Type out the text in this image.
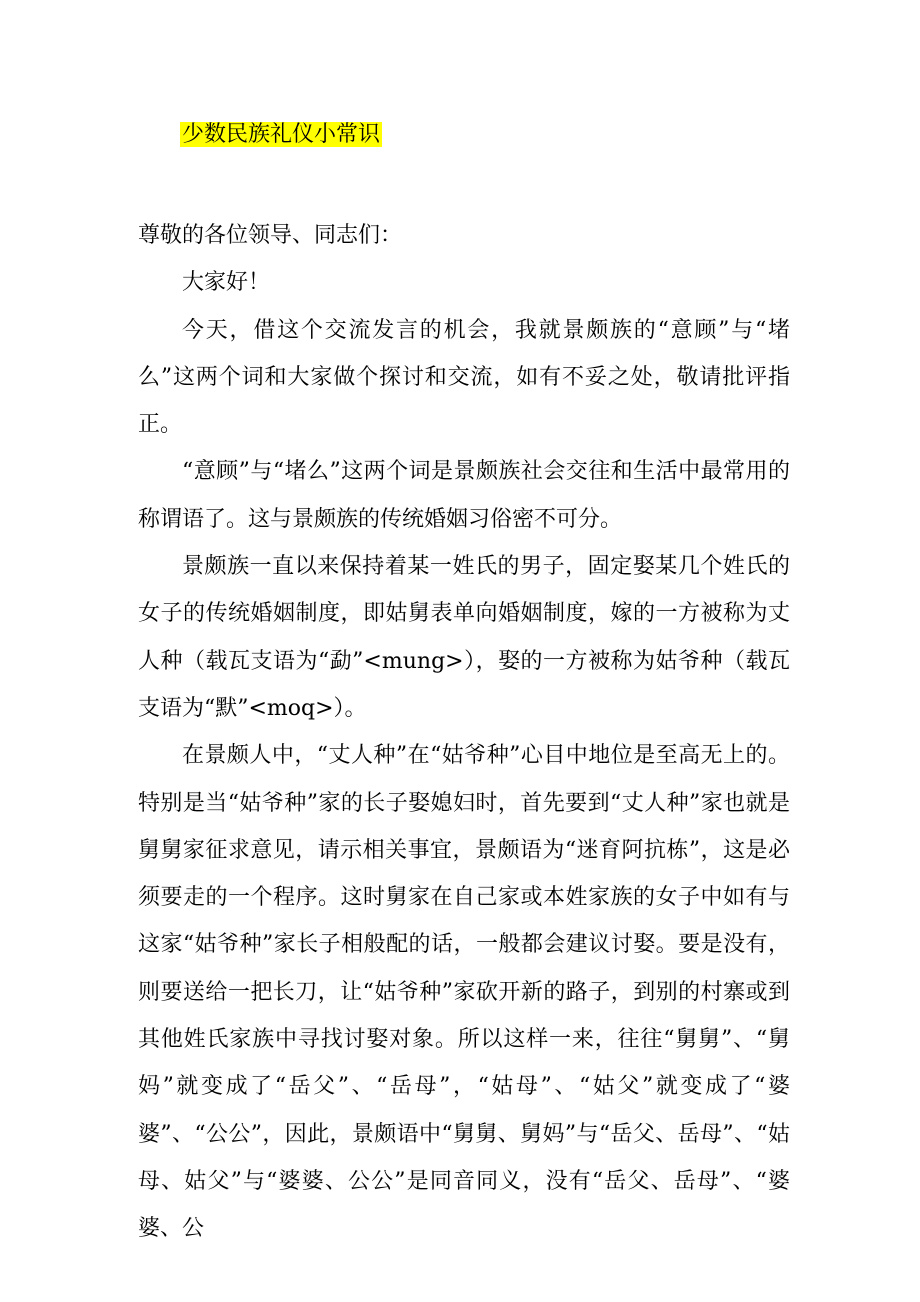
少数民族礼仪小常识

尊敬的各位领导、同志们：

大家好！

今天，借这个交流发言的机会，我就景颇族的“意顾”与“堵么”这两个词和大家做个探讨和交流，如有不妥之处，敬请批评指正。

“意顾”与“堵么”这两个词是景颇族社会交往和生活中最常用的称谓语了。这与景颇族的传统婚姻习俗密不可分。

景颇族一直以来保持着某一姓氏的男子，固定娶某几个姓氏的女子的传统婚姻制度，即姑舅表单向婚姻制度，嫁的一方被称为丈人种（载瓦支语为“勐”<mung>），娶的一方被称为姑爷种（载瓦支语为“默”<moq>）。

在景颇人中，“丈人种”在“姑爷种”心目中地位是至高无上的。特别是当“姑爷种”家的长子娶媳妇时，首先要到“丈人种”家也就是舅舅家征求意见，请示相关事宜，景颇语为“迷育阿抗栋”，这是必须要走的一个程序。这时舅家在自己家或本姓家族的女子中如有与这家“姑爷种”家长子相般配的话，一般都会建议讨娶。要是没有，则要送给一把长刀，让“姑爷种”家砍开新的路子，到别的村寨或到其他姓氏家族中寻找讨娶对象。所以这样一来，往往“舅舅”、“舅妈”就变成了“岳父”、“岳母”，“姑母”、“姑父”就变成了“婆婆”、“公公”，因此，景颇语中“舅舅、舅妈”与“岳父、岳母”、“姑母、姑父”与“婆婆、公公”是同音同义，没有“岳父、岳母”、“婆婆、公
